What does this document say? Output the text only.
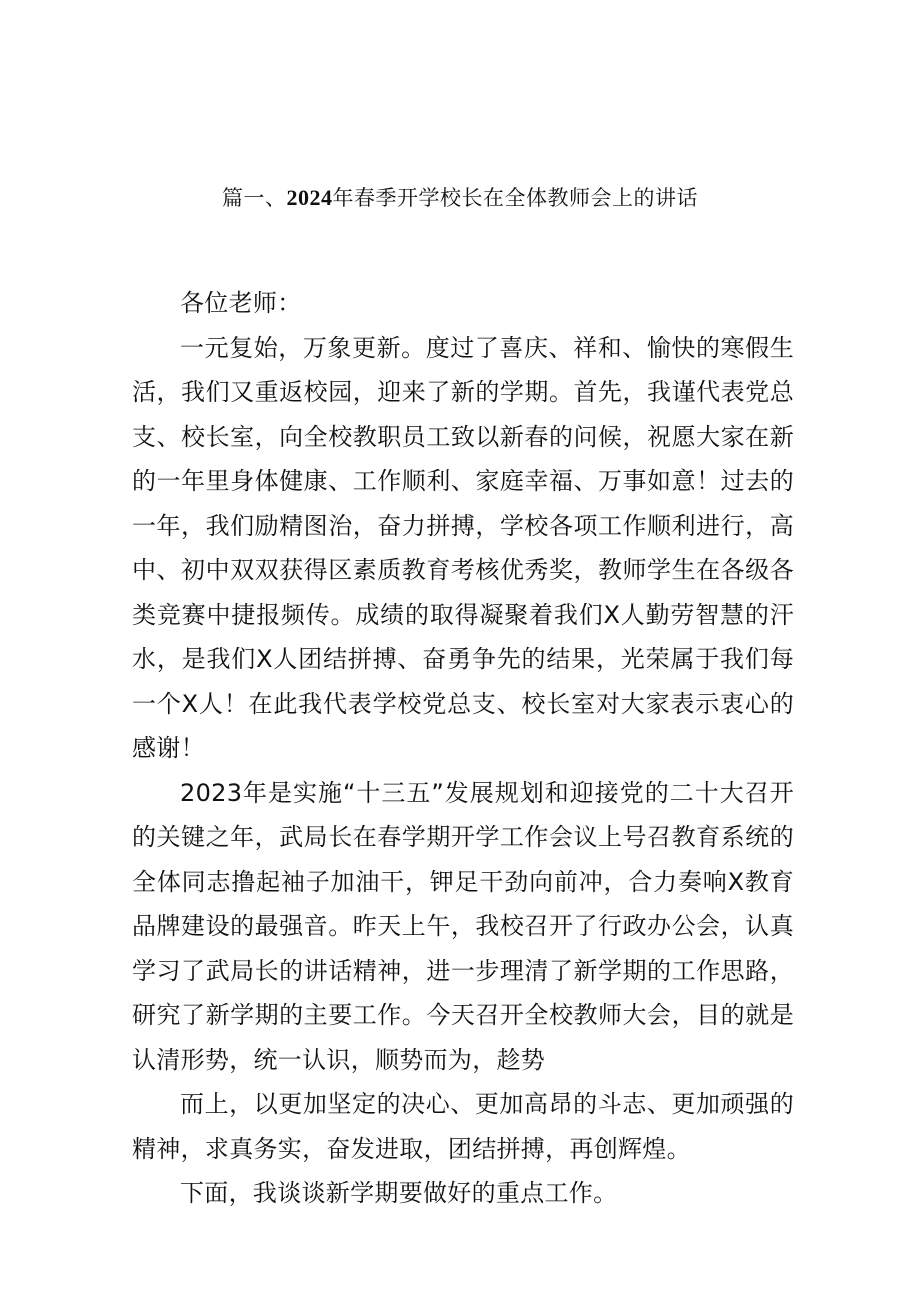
篇一、2024年春季开学校长在全体教师会上的讲话

各位老师：

一元复始，万象更新。度过了喜庆、祥和、愉快的寒假生活，我们又重返校园，迎来了新的学期。首先，我谨代表党总支、校长室，向全校教职员工致以新春的问候，祝愿大家在新的一年里身体健康、工作顺利、家庭幸福、万事如意！过去的一年，我们励精图治，奋力拼搏，学校各项工作顺利进行，高中、初中双双获得区素质教育考核优秀奖，教师学生在各级各类竞赛中捷报频传。成绩的取得凝聚着我们X人勤劳智慧的汗水，是我们X人团结拼搏、奋勇争先的结果，光荣属于我们每一个X人！在此我代表学校党总支、校长室对大家表示衷心的感谢！

2023年是实施“十三五”发展规划和迎接党的二十大召开的关键之年，武局长在春学期开学工作会议上号召教育系统的全体同志撸起袖子加油干，钾足干劲向前冲，合力奏响X教育品牌建设的最强音。昨天上午，我校召开了行政办公会，认真学习了武局长的讲话精神，进一步理清了新学期的工作思路，研究了新学期的主要工作。今天召开全校教师大会，目的就是认清形势，统一认识，顺势而为，趁势

而上，以更加坚定的决心、更加高昂的斗志、更加顽强的精神，求真务实，奋发进取，团结拼搏，再创辉煌。

下面，我谈谈新学期要做好的重点工作。
